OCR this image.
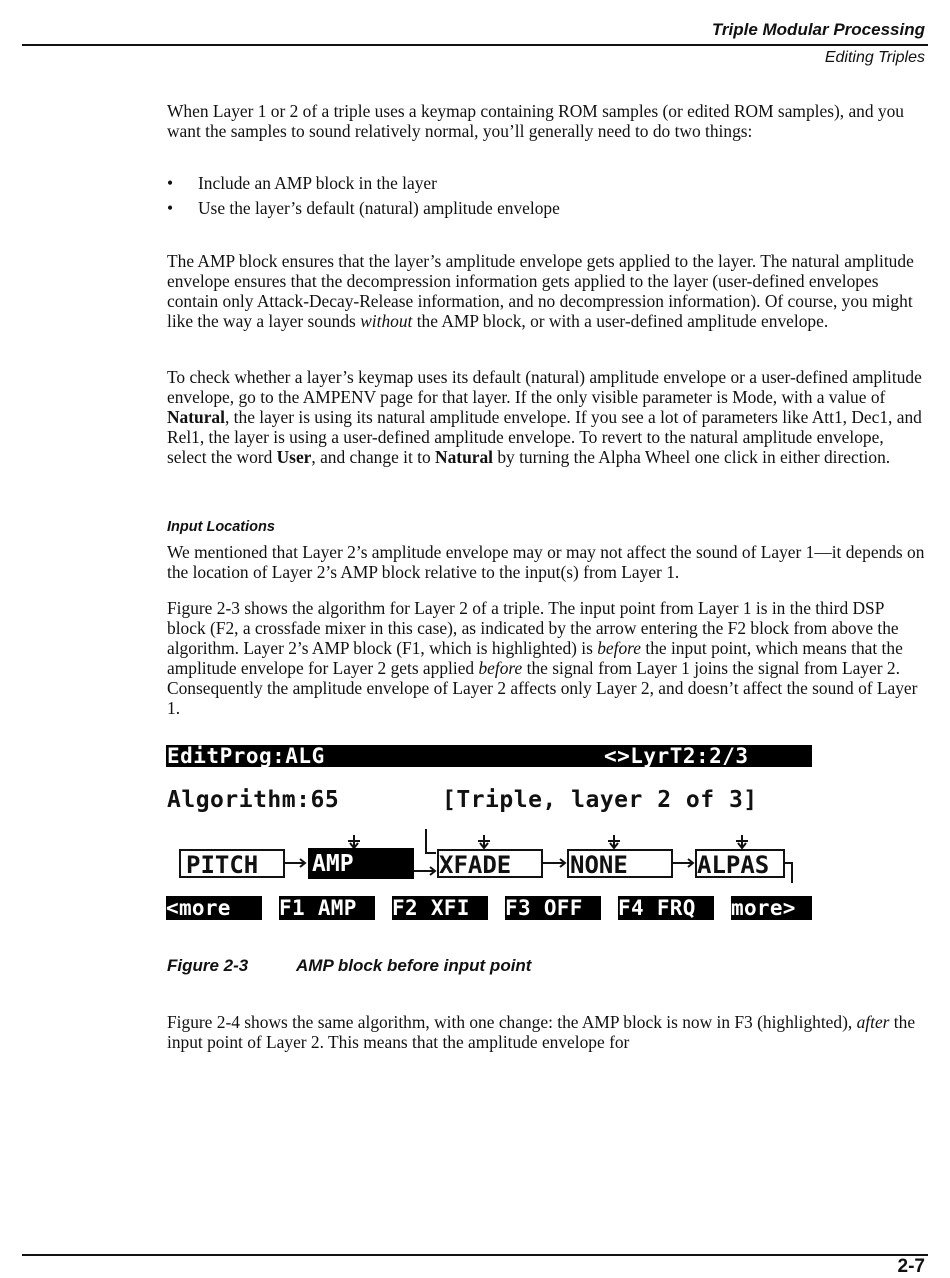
Triple Modular Processing
Editing Triples

When Layer 1 or 2 of a triple uses a keymap containing ROM samples (or edited ROM samples), and you want the samples to sound relatively normal, you’ll generally need to do two things:

•	Include an AMP block in the layer
•	Use the layer’s default (natural) amplitude envelope

The AMP block ensures that the layer’s amplitude envelope gets applied to the layer. The natural amplitude envelope ensures that the decompression information gets applied to the layer (user-defined envelopes contain only Attack-Decay-Release information, and no decompression information). Of course, you might like the way a layer sounds without the AMP block, or with a user-defined amplitude envelope.

To check whether a layer’s keymap uses its default (natural) amplitude envelope or a user-defined amplitude envelope, go to the AMPENV page for that layer. If the only visible parameter is Mode, with a value of Natural, the layer is using its natural amplitude envelope. If you see a lot of parameters like Att1, Dec1, and Rel1, the layer is using a user-defined amplitude envelope. To revert to the natural amplitude envelope, select the word User, and change it to Natural by turning the Alpha Wheel one click in either direction.

Input Locations

We mentioned that Layer 2’s amplitude envelope may or may not affect the sound of Layer 1—it depends on the location of Layer 2’s AMP block relative to the input(s) from Layer 1.

Figure 2-3 shows the algorithm for Layer 2 of a triple. The input point from Layer 1 is in the third DSP block (F2, a crossfade mixer in this case), as indicated by the arrow entering the F2 block from above the algorithm. Layer 2’s AMP block (F1, which is highlighted) is before the input point, which means that the amplitude envelope for Layer 2 gets applied before the signal from Layer 1 joins the signal from Layer 2. Consequently the amplitude envelope of Layer 2 affects only Layer 2, and doesn’t affect the sound of Layer 1.

EditProg:ALG	<>LyrT2:2/3
Algorithm:65	[Triple, layer 2 of 3]
PITCH AMP	XFADE NONE	ALPAS
<more	F1 AMP	F2 XFI	F3 OFF	F4 FRQ	more>
Figure 2-3	AMP block before input point

Figure 2-4 shows the same algorithm, with one change: the AMP block is now in F3 (highlighted), after the input point of Layer 2. This means that the amplitude envelope for

2-7
